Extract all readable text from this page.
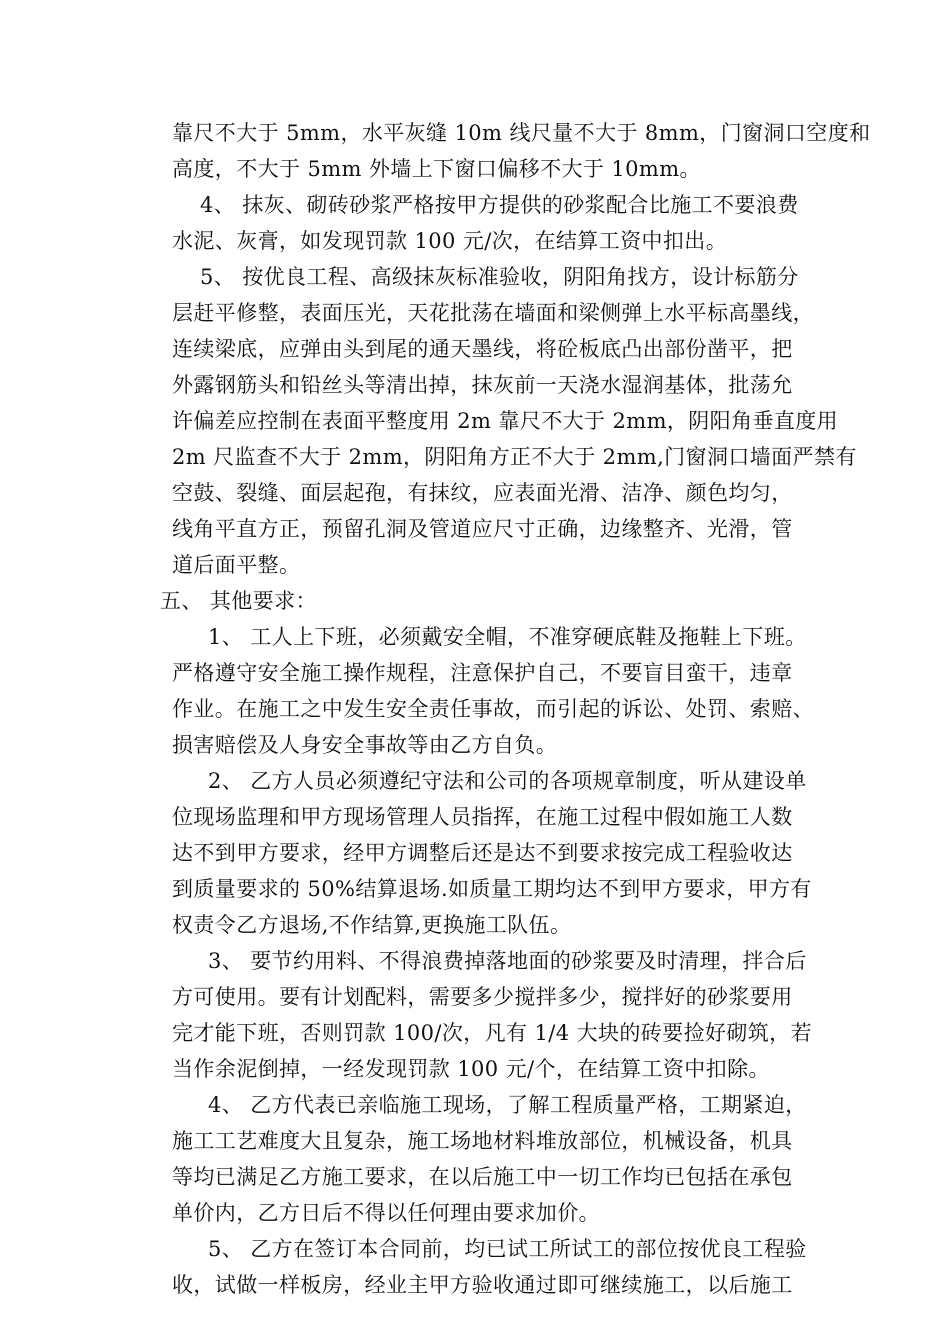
靠尺不大于 5mm，水平灰缝 10m 线尺量不大于 8mm，门窗洞口空度和
高度，不大于 5mm 外墙上下窗口偏移不大于 10mm。
4、 抹灰、砌砖砂浆严格按甲方提供的砂浆配合比施工不要浪费
水泥、灰膏，如发现罚款 100 元/次，在结算工资中扣出。
5、 按优良工程、高级抹灰标准验收，阴阳角找方，设计标筋分
层赶平修整，表面压光，天花批荡在墙面和梁侧弹上水平标高墨线，
连续梁底，应弹由头到尾的通天墨线，将砼板底凸出部份凿平，把
外露钢筋头和铅丝头等清出掉，抹灰前一天浇水湿润基体，批荡允
许偏差应控制在表面平整度用 2m 靠尺不大于 2mm，阴阳角垂直度用
2m 尺监查不大于 2mm，阴阳角方正不大于 2mm,门窗洞口墙面严禁有
空鼓、裂缝、面层起孢，有抹纹，应表面光滑、洁净、颜色均匀，
线角平直方正，预留孔洞及管道应尺寸正确，边缘整齐、光滑，管
道后面平整。
五、 其他要求：
1、 工人上下班，必须戴安全帽，不准穿硬底鞋及拖鞋上下班。
严格遵守安全施工操作规程，注意保护自己，不要盲目蛮干，违章
作业。在施工之中发生安全责任事故，而引起的诉讼、处罚、索赔、
损害赔偿及人身安全事故等由乙方自负。
2、 乙方人员必须遵纪守法和公司的各项规章制度，听从建设单
位现场监理和甲方现场管理人员指挥，在施工过程中假如施工人数
达不到甲方要求，经甲方调整后还是达不到要求按完成工程验收达
到质量要求的 50%结算退场.如质量工期均达不到甲方要求，甲方有
权责令乙方退场,不作结算,更换施工队伍。
3、 要节约用料、不得浪费掉落地面的砂浆要及时清理，拌合后
方可使用。要有计划配料，需要多少搅拌多少，搅拌好的砂浆要用
完才能下班，否则罚款 100/次，凡有 1/4 大块的砖要捡好砌筑，若
当作余泥倒掉，一经发现罚款 100 元/个，在结算工资中扣除。
4、 乙方代表已亲临施工现场，了解工程质量严格，工期紧迫，
施工工艺难度大且复杂，施工场地材料堆放部位，机械设备，机具
等均已满足乙方施工要求，在以后施工中一切工作均已包括在承包
单价内，乙方日后不得以任何理由要求加价。
5、 乙方在签订本合同前，均已试工所试工的部位按优良工程验
收，试做一样板房，经业主甲方验收通过即可继续施工，以后施工
